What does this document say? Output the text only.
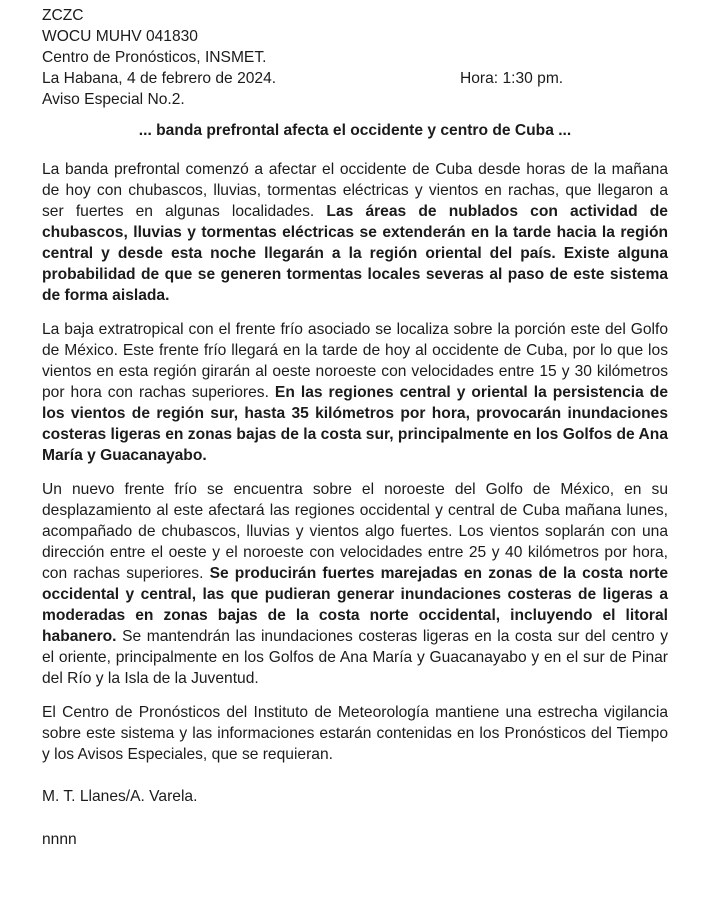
ZCZC
WOCU MUHV 041830
Centro de Pronósticos, INSMET.
La Habana, 4 de febrero de 2024.	Hora: 1:30 pm.
Aviso Especial No.2.
... banda prefrontal afecta el occidente y centro de Cuba ...

La banda prefrontal comenzó a afectar el occidente de Cuba desde horas de la mañana de hoy con chubascos, lluvias, tormentas eléctricas y vientos en rachas, que llegaron a ser fuertes en algunas localidades. Las áreas de nublados con actividad de chubascos, lluvias y tormentas eléctricas se extenderán en la tarde hacia la región central y desde esta noche llegarán a la región oriental del país. Existe alguna probabilidad de que se generen tormentas locales severas al paso de este sistema de forma aislada.

La baja extratropical con el frente frío asociado se localiza sobre la porción este del Golfo de México. Este frente frío llegará en la tarde de hoy al occidente de Cuba, por lo que los vientos en esta región girarán al oeste noroeste con velocidades entre 15 y 30 kilómetros por hora con rachas superiores. En las regiones central y oriental la persistencia de los vientos de región sur, hasta 35 kilómetros por hora, provocarán inundaciones costeras ligeras en zonas bajas de la costa sur, principalmente en los Golfos de Ana María y Guacanayabo.

Un nuevo frente frío se encuentra sobre el noroeste del Golfo de México, en su desplazamiento al este afectará las regiones occidental y central de Cuba mañana lunes, acompañado de chubascos, lluvias y vientos algo fuertes. Los vientos soplarán con una dirección entre el oeste y el noroeste con velocidades entre 25 y 40 kilómetros por hora, con rachas superiores. Se producirán fuertes marejadas en zonas de la costa norte occidental y central, las que pudieran generar inundaciones costeras de ligeras a moderadas en zonas bajas de la costa norte occidental, incluyendo el litoral habanero. Se mantendrán las inundaciones costeras ligeras en la costa sur del centro y el oriente, principalmente en los Golfos de Ana María y Guacanayabo y en el sur de Pinar del Río y la Isla de la Juventud.

El Centro de Pronósticos del Instituto de Meteorología mantiene una estrecha vigilancia sobre este sistema y las informaciones estarán contenidas en los Pronósticos del Tiempo y los Avisos Especiales, que se requieran.

M. T. Llanes/A. Varela.
nnnn
